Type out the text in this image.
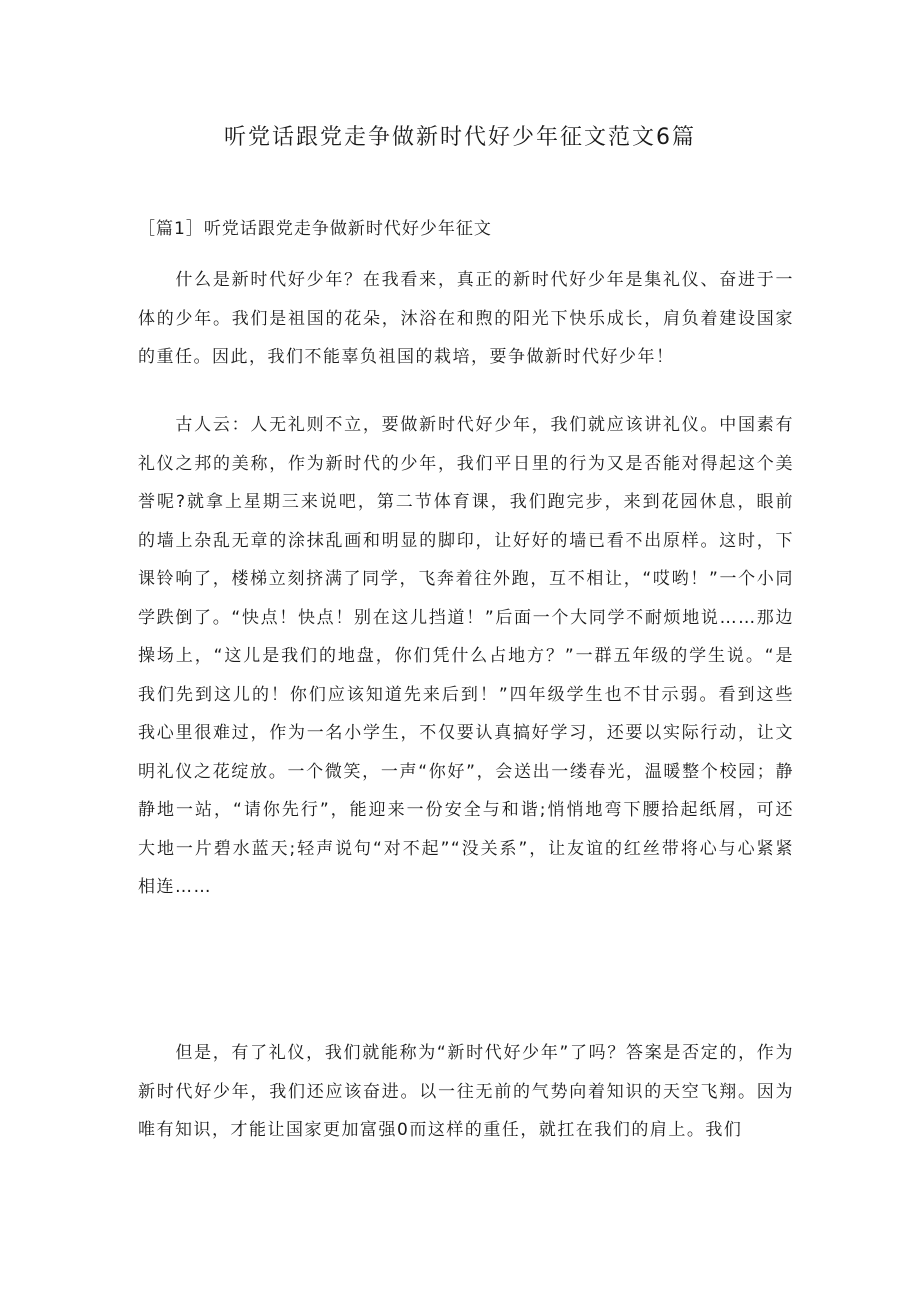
听党话跟党走争做新时代好少年征文范文6篇
［篇1］听党话跟党走争做新时代好少年征文

什么是新时代好少年？在我看来，真正的新时代好少年是集礼仪、奋进于一体的少年。我们是祖国的花朵，沐浴在和煦的阳光下快乐成长，肩负着建设国家的重任。因此，我们不能辜负祖国的栽培，要争做新时代好少年！

古人云：人无礼则不立，要做新时代好少年，我们就应该讲礼仪。中国素有礼仪之邦的美称，作为新时代的少年，我们平日里的行为又是否能对得起这个美誉呢?就拿上星期三来说吧，第二节体育课，我们跑完步，来到花园休息，眼前的墙上杂乱无章的涂抹乱画和明显的脚印，让好好的墙已看不出原样。这时，下课铃响了，楼梯立刻挤满了同学，飞奔着往外跑，互不相让，“哎哟！”一个小同学跌倒了。“快点！快点！别在这儿挡道！”后面一个大同学不耐烦地说……那边操场上，“这儿是我们的地盘，你们凭什么占地方？”一群五年级的学生说。“是我们先到这儿的！你们应该知道先来后到！”四年级学生也不甘示弱。看到这些我心里很难过，作为一名小学生，不仅要认真搞好学习，还要以实际行动，让文明礼仪之花绽放。一个微笑，一声“你好”，会送出一缕春光，温暖整个校园；静静地一站，“请你先行”，能迎来一份安全与和谐;悄悄地弯下腰拾起纸屑，可还大地一片碧水蓝天;轻声说句“对不起”“没关系”，让友谊的红丝带将心与心紧紧相连……

但是，有了礼仪，我们就能称为“新时代好少年”了吗？答案是否定的，作为新时代好少年，我们还应该奋进。以一往无前的气势向着知识的天空飞翔。因为唯有知识，才能让国家更加富强0而这样的重任，就扛在我们的肩上。我们
